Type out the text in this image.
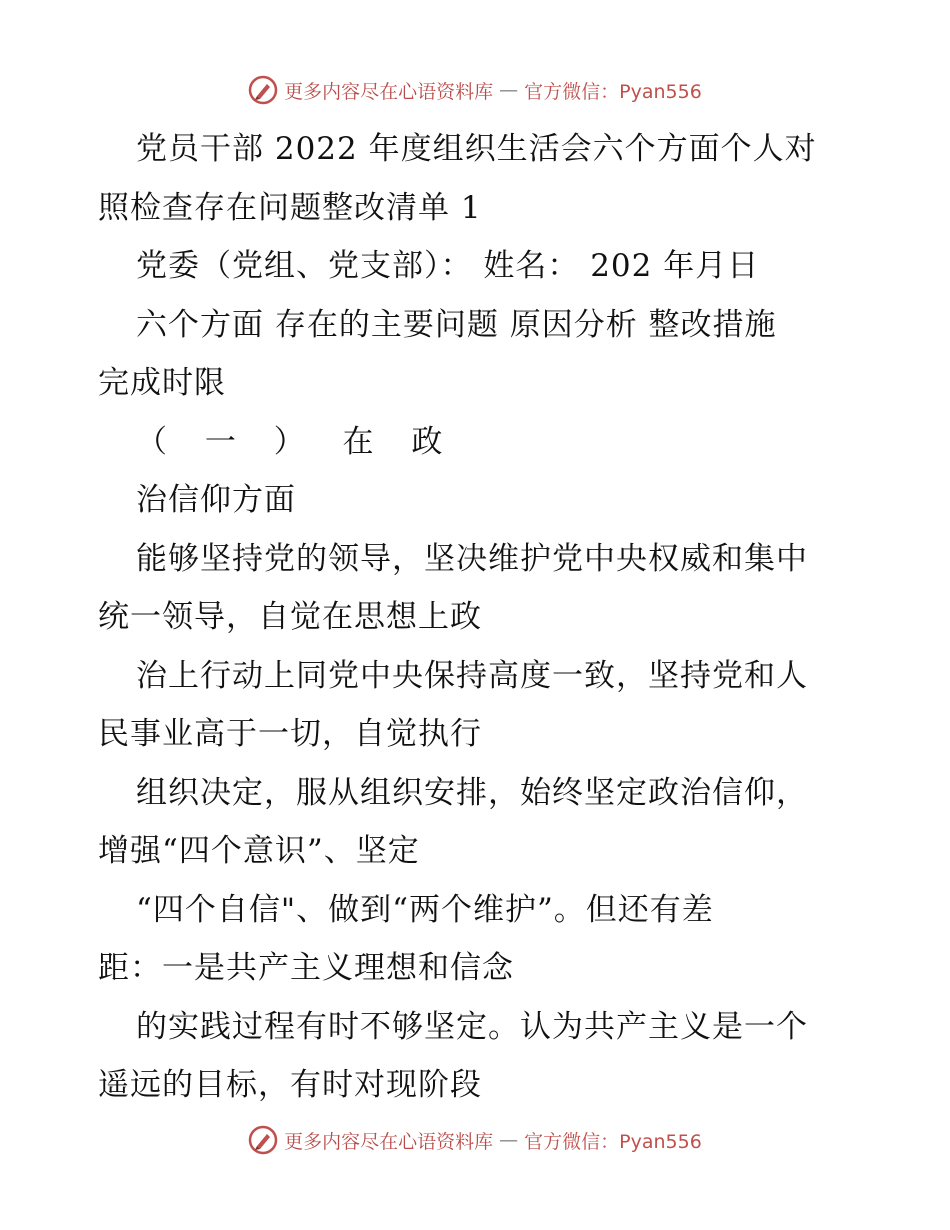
更多内容尽在心语资料库 — 官方微信：Pyan556
党员干部 2022 年度组织生活会六个方面个人对
照检查存在问题整改清单 1
党委（党组、党支部）： 姓名： 202 年月日
六个方面 存在的主要问题 原因分析 整改措施
完成时限
（ 一 ） 在 政
治信仰方面
能够坚持党的领导，坚决维护党中央权威和集中
统一领导，自觉在思想上政
治上行动上同党中央保持高度一致，坚持党和人
民事业高于一切，自觉执行
组织决定，服从组织安排，始终坚定政治信仰，
增强“四个意识”、坚定
“四个自信"、做到“两个维护”。但还有差
距：一是共产主义理想和信念
的实践过程有时不够坚定。认为共产主义是一个
遥远的目标，有时对现阶段
更多内容尽在心语资料库 — 官方微信：Pyan556
